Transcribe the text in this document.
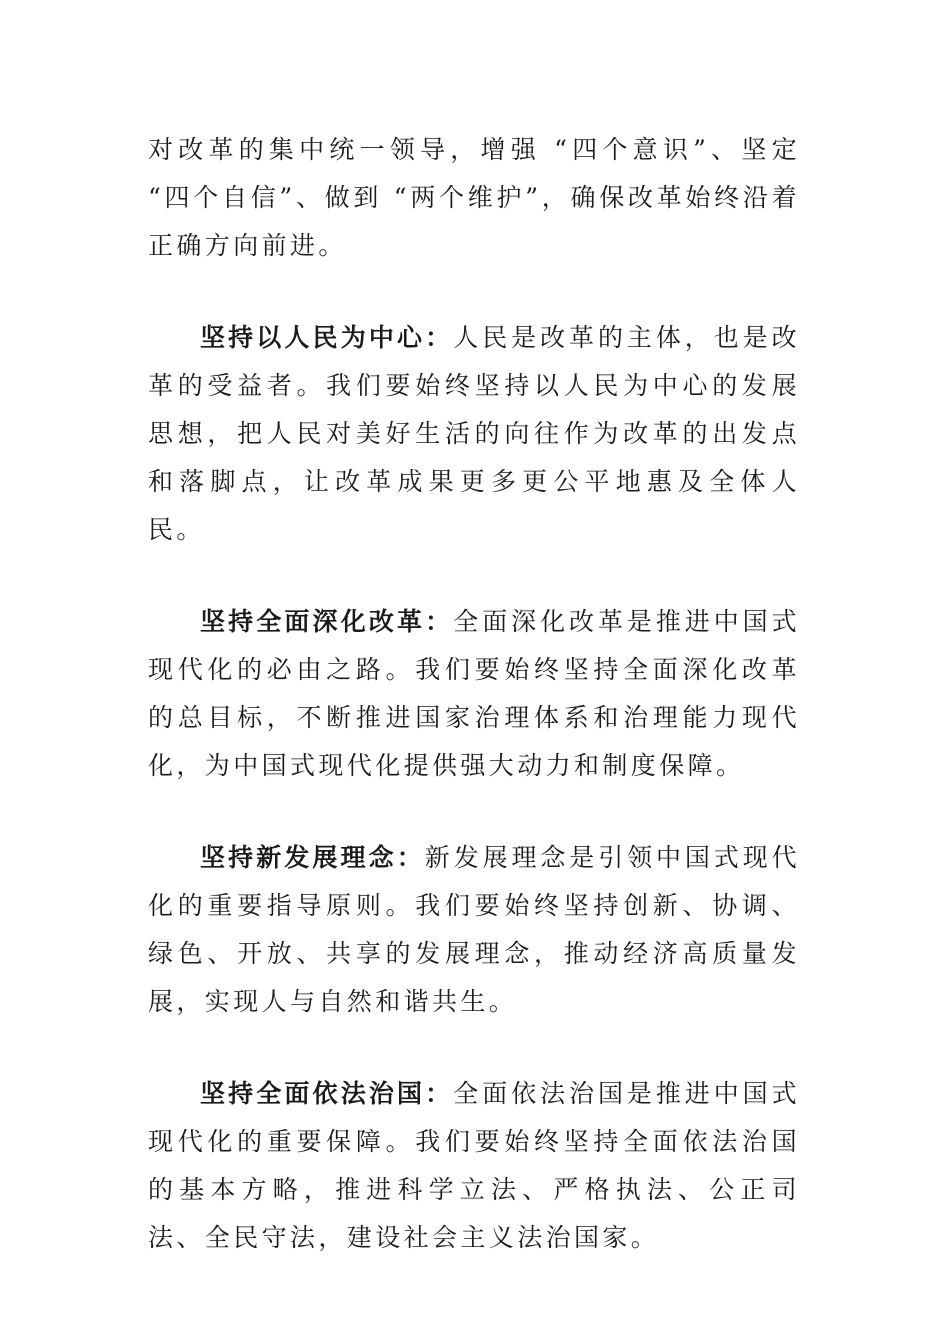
对改革的集中统一领导，增强 “四个意识”、坚定 “四个自信”、做到 “两个维护”，确保改革始终沿着正确方向前进。

坚持以人民为中心：人民是改革的主体，也是改革的受益者。我们要始终坚持以人民为中心的发展思想，把人民对美好生活的向往作为改革的出发点和落脚点，让改革成果更多更公平地惠及全体人民。

坚持全面深化改革：全面深化改革是推进中国式现代化的必由之路。我们要始终坚持全面深化改革的总目标，不断推进国家治理体系和治理能力现代化，为中国式现代化提供强大动力和制度保障。

坚持新发展理念：新发展理念是引领中国式现代化的重要指导原则。我们要始终坚持创新、协调、绿色、开放、共享的发展理念，推动经济高质量发展，实现人与自然和谐共生。

坚持全面依法治国：全面依法治国是推进中国式现代化的重要保障。我们要始终坚持全面依法治国的基本方略，推进科学立法、严格执法、公正司法、全民守法，建设社会主义法治国家。
